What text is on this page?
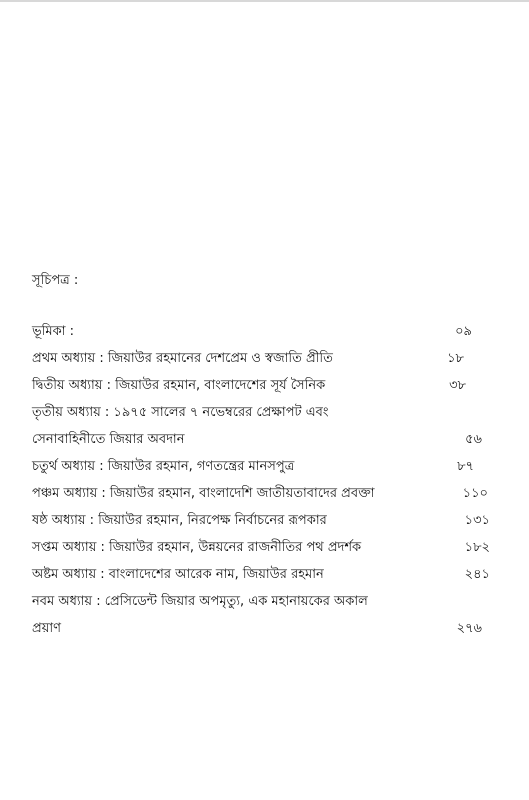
সূচিপত্র :
ভূমিকা :	০৯
প্রথম অধ্যায় : জিয়াউর রহমানের দেশপ্রেম ও স্বজাতি প্রীতি	১৮
দ্বিতীয় অধ্যায় : জিয়াউর রহমান, বাংলাদেশের সূর্য সৈনিক	৩৮
তৃতীয় অধ্যায় : ১৯৭৫ সালের ৭ নভেম্বরের প্রেক্ষাপট এবং
সেনাবাহিনীতে জিয়ার অবদান	৫৬
চতুর্থ অধ্যায় : জিয়াউর রহমান, গণতন্ত্রের মানসপুত্র	৮৭
পঞ্চম অধ্যায় : জিয়াউর রহমান, বাংলাদেশি জাতীয়তাবাদের প্রবক্তা	১১০
ষষ্ঠ অধ্যায় : জিয়াউর রহমান, নিরপেক্ষ নির্বাচনের রূপকার	১৩১
সপ্তম অধ্যায় : জিয়াউর রহমান, উন্নয়নের রাজনীতির পথ প্রদর্শক	১৮২
অষ্টম অধ্যায় : বাংলাদেশের আরেক নাম, জিয়াউর রহমান	২৪১
নবম অধ্যায় : প্রেসিডেন্ট জিয়ার অপমৃত্যু, এক মহানায়কের অকাল
প্রয়াণ	২৭৬
